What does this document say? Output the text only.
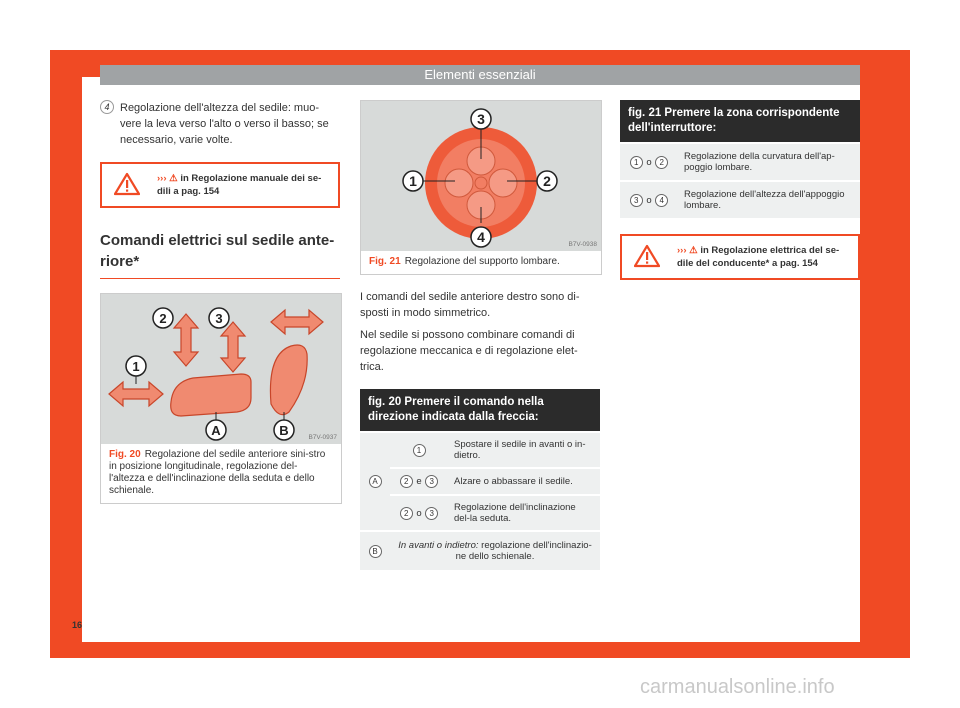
Elementi essenziali
4 Regolazione dell'altezza del sedile: muo-vere la leva verso l'alto o verso il basso; se necessario, varie volte.
››› ⚠ in Regolazione manuale dei se-dili a pag. 154
Comandi elettrici sul sedile ante-riore*
1
2	3
A	B	B7V-0937
Fig. 20 Regolazione del sedile anteriore sini-stro in posizione longitudinale, regolazione del-l'altezza e dell'inclinazione della seduta e dello schienale.
3
1	2
4	B7V-0938
Fig. 21 Regolazione del supporto lombare.

I comandi del sedile anteriore destro sono di-sposti in modo simmetrico.

Nel sedile si possono combinare comandi di regolazione meccanica e di regolazione elet-trica.

fig. 20 Premere il comando nella direzione indicata dalla freccia:
A	1	Spostare il sedile in avanti o in-dietro.
	2 e 3	Alzare o abbassare il sedile.
	2 o 3	Regolazione dell'inclinazione del-la seduta.
B	In avanti o indietro: regolazione dell'inclinazio-ne dello schienale.	
fig. 21 Premere la zona corrispondente dell'interruttore:
1 o 2	Regolazione della curvatura dell'ap-poggio lombare.
3 o 4	Regolazione dell'altezza dell'appoggio lombare.
››› ⚠ in Regolazione elettrica del se-dile del conducente* a pag. 154
16
carmanualsonline.info
